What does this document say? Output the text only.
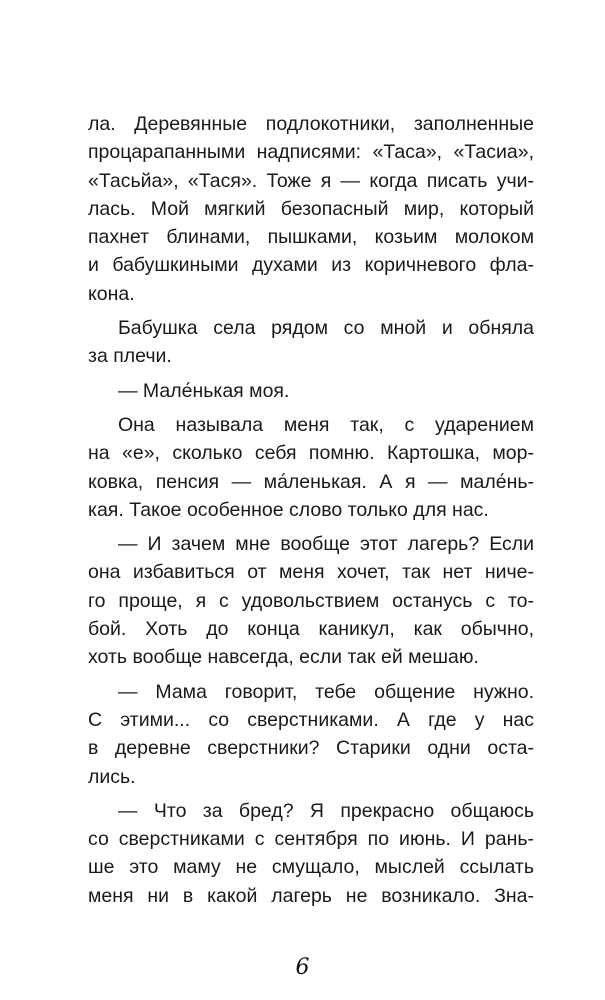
ла. Деревянные подлокотники, заполненные
процарапанными надписями: «Таса», «Тасиа»,
«Тасьйа», «Тася». Тоже я — когда писать учи-
лась. Мой мягкий безопасный мир, который
пахнет блинами, пышками, козьим молоком
и бабушкиными духами из коричневого фла-
кона.
Бабушка села рядом со мной и обняла
за плечи.
— Мале́нькая моя.
Она называла меня так, с ударением
на «е», сколько себя помню. Картошка, мор-
ковка, пенсия — ма́ленькая. А я — мале́нь-
кая. Такое особенное слово только для нас.
— И зачем мне вообще этот лагерь? Если
она избавиться от меня хочет, так нет ниче-
го проще, я с удовольствием останусь с то-
бой. Хоть до конца каникул, как обычно,
хоть вообще навсегда, если так ей мешаю.
— Мама говорит, тебе общение нужно.
С этими... со сверстниками. А где у нас
в деревне сверстники? Старики одни оста-
лись.
— Что за бред? Я прекрасно общаюсь
со сверстниками с сентября по июнь. И рань-
ше это маму не смущало, мыслей ссылать
меня ни в какой лагерь не возникало. Зна-
6
